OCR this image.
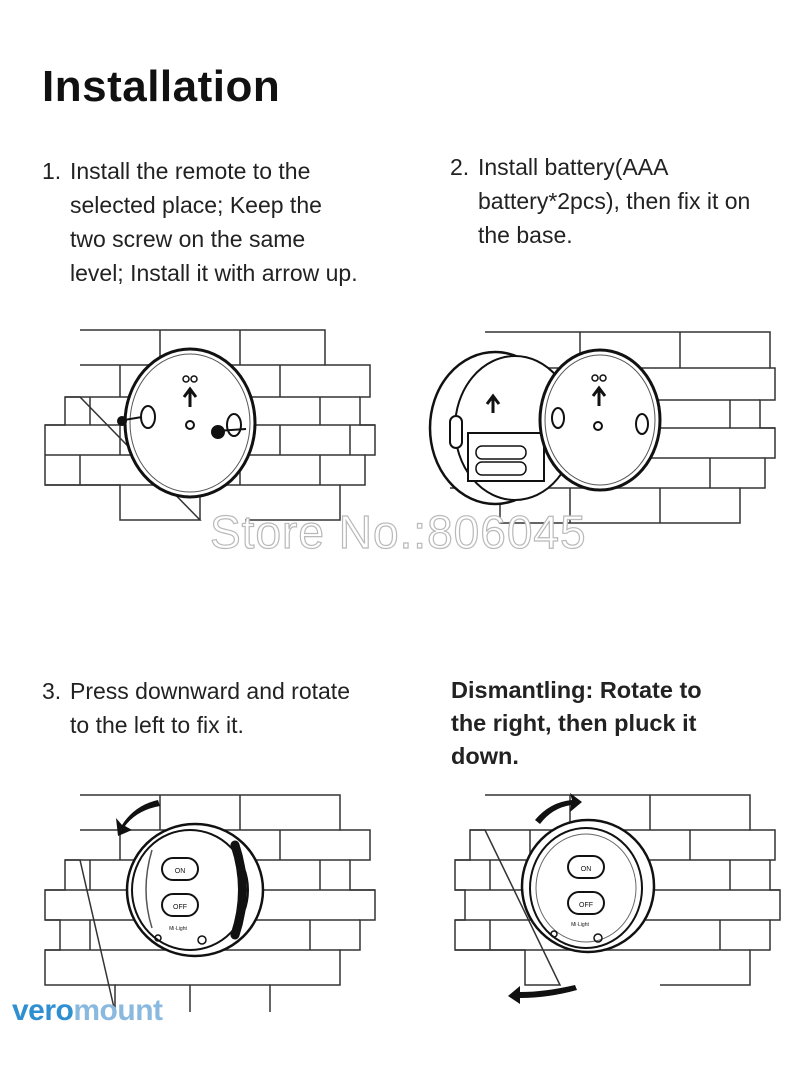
Installation
1. Install the remote to the
selected place; Keep the
two screw on the same
level; Install it with arrow up.
2. Install battery(AAA
battery*2pcs), then fix it on
the base.
3. Press downward and rotate
to the left to fix it.
Dismantling: Rotate to
the right, then pluck it
down.
ON
OFF
Mi·Light
ON
OFF
Mi·Light
Store No.:806045
veromount
